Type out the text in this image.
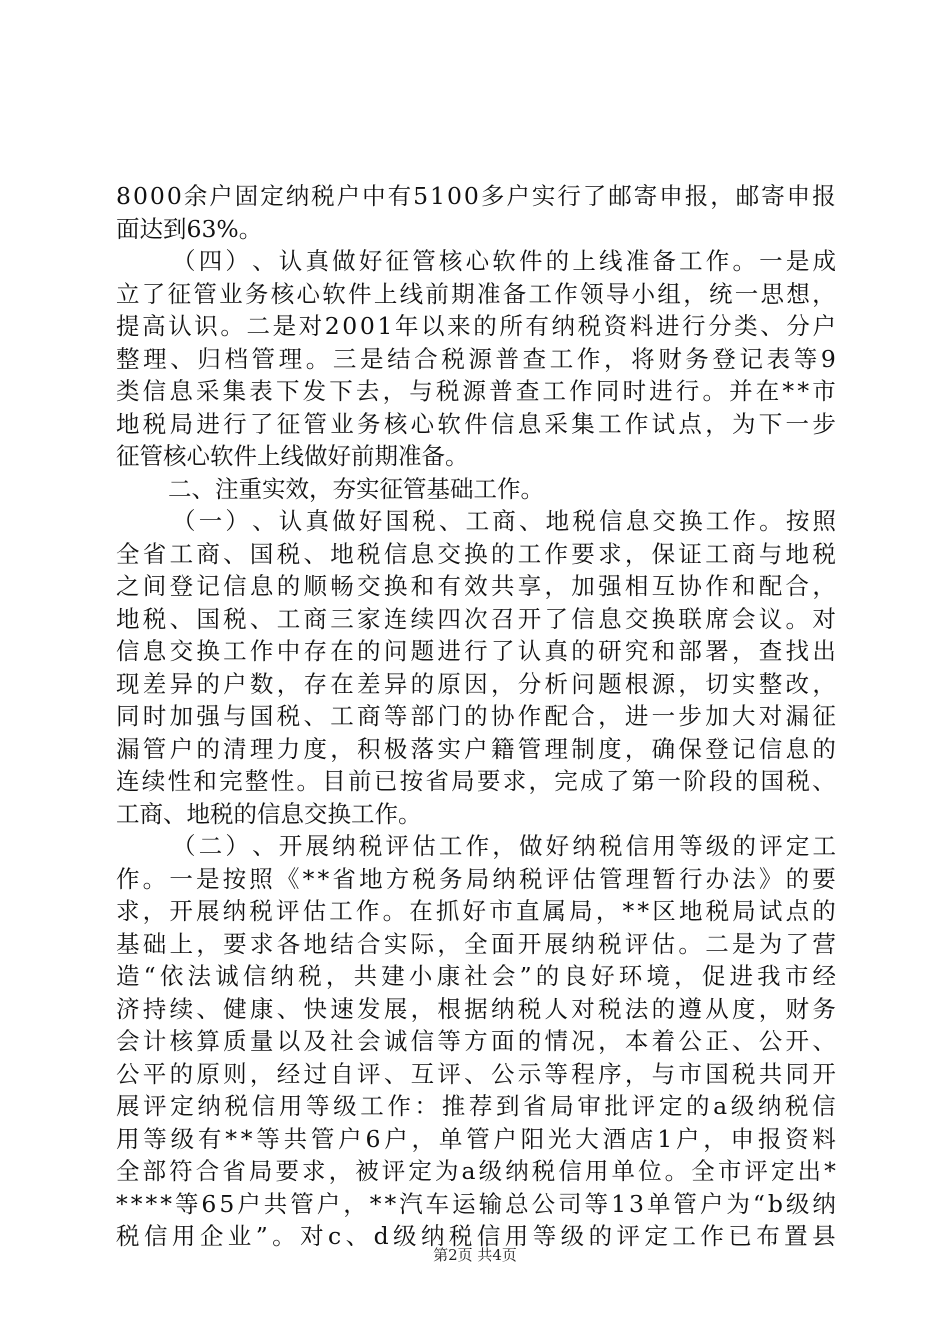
8 0 0 0 余 户 固 定 纳 税 户 中 有 5 1 0 0 多 户 实 行 了 邮 寄 申 报 ， 邮 寄 申 报
面达到63%。
（ 四 ） 、 认 真 做 好 征 管 核 心 软 件 的 上 线 准 备 工 作 。 一 是 成
立 了 征 管 业 务 核 心 软 件 上 线 前 期 准 备 工 作 领 导 小 组 ， 统 一 思 想 ，
提 高 认 识 。 二 是 对 2 0 0 1 年 以 来 的 所 有 纳 税 资 料 进 行 分 类 、 分 户
整 理 、 归 档 管 理 。 三 是 结 合 税 源 普 查 工 作 ， 将 财 务 登 记 表 等 9
类 信 息 采 集 表 下 发 下 去 ， 与 税 源 普 查 工 作 同 时 进 行 。 并 在 * * 市
地 税 局 进 行 了 征 管 业 务 核 心 软 件 信 息 采 集 工 作 试 点 ， 为 下 一 步
征管核心软件上线做好前期准备。
二、注重实效，夯实征管基础工作。
（ 一 ） 、 认 真 做 好 国 税 、 工 商 、 地 税 信 息 交 换 工 作 。 按 照
全 省 工 商 、 国 税 、 地 税 信 息 交 换 的 工 作 要 求 ， 保 证 工 商 与 地 税
之 间 登 记 信 息 的 顺 畅 交 换 和 有 效 共 享 ， 加 强 相 互 协 作 和 配 合 ，
地 税 、 国 税 、 工 商 三 家 连 续 四 次 召 开 了 信 息 交 换 联 席 会 议 。 对
信 息 交 换 工 作 中 存 在 的 问 题 进 行 了 认 真 的 研 究 和 部 署 ， 查 找 出
现 差 异 的 户 数 ， 存 在 差 异 的 原 因 ， 分 析 问 题 根 源 ， 切 实 整 改 ，
同 时 加 强 与 国 税 、 工 商 等 部 门 的 协 作 配 合 ， 进 一 步 加 大 对 漏 征
漏 管 户 的 清 理 力 度 ， 积 极 落 实 户 籍 管 理 制 度 ， 确 保 登 记 信 息 的
连 续 性 和 完 整 性 。 目 前 已 按 省 局 要 求 ， 完 成 了 第 一 阶 段 的 国 税 、
工商、地税的信息交换工作。
（ 二 ） 、 开 展 纳 税 评 估 工 作 ， 做 好 纳 税 信 用 等 级 的 评 定 工
作 。 一 是 按 照 《 * * 省 地 方 税 务 局 纳 税 评 估 管 理 暂 行 办 法 》 的 要
求 ， 开 展 纳 税 评 估 工 作 。 在 抓 好 市 直 属 局 ， * * 区 地 税 局 试 点 的
基 础 上 ， 要 求 各 地 结 合 实 际 ， 全 面 开 展 纳 税 评 估 。 二 是 为 了 营
造 “ 依 法 诚 信 纳 税 ， 共 建 小 康 社 会 ” 的 良 好 环 境 ， 促 进 我 市 经
济 持 续 、 健 康 、 快 速 发 展 ， 根 据 纳 税 人 对 税 法 的 遵 从 度 ， 财 务
会 计 核 算 质 量 以 及 社 会 诚 信 等 方 面 的 情 况 ， 本 着 公 正 、 公 开 、
公 平 的 原 则 ， 经 过 自 评 、 互 评 、 公 示 等 程 序 ， 与 市 国 税 共 同 开
展 评 定 纳 税 信 用 等 级 工 作 ： 推 荐 到 省 局 审 批 评 定 的 a 级 纳 税 信
用 等 级 有 * * 等 共 管 户 6 户 ， 单 管 户 阳 光 大 酒 店 1 户 ， 申 报 资 料
全 部 符 合 省 局 要 求 ， 被 评 定 为 a 级 纳 税 信 用 单 位 。 全 市 评 定 出 *
* * * * 等 6 5 户 共 管 户 ， * * 汽 车 运 输 总 公 司 等 1 3 单 管 户 为 “ b 级 纳
税 信 用 企 业 ” 。 对 c 、 d 级 纳 税 信 用 等 级 的 评 定 工 作 已 布 置 县
第2页 共4页
